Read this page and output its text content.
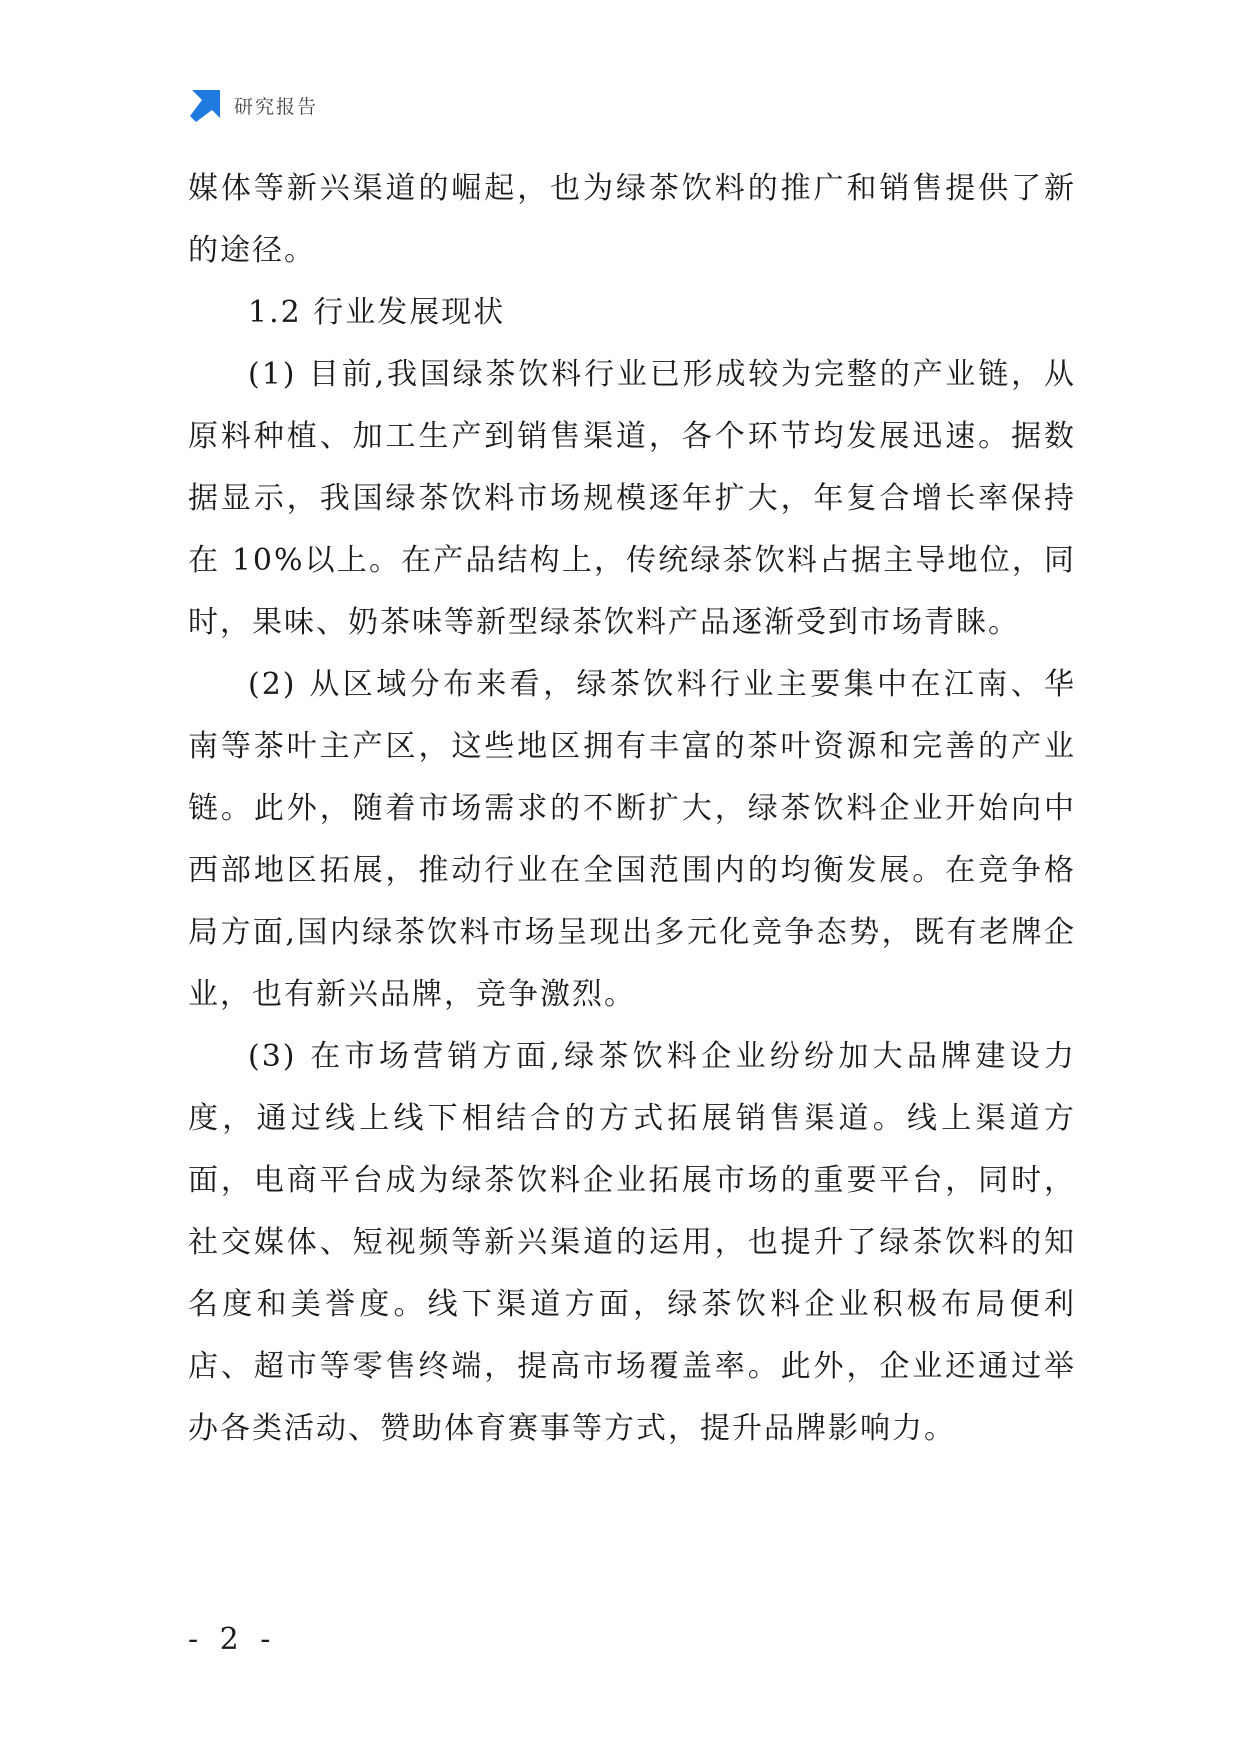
研究报告

媒体等新兴渠道的崛起，也为绿茶饮料的推广和销售提供了新的途径。

1.2 行业发展现状

(1) 目前,我国绿茶饮料行业已形成较为完整的产业链，从原料种植、加工生产到销售渠道，各个环节均发展迅速。据数据显示，我国绿茶饮料市场规模逐年扩大，年复合增长率保持在 10%以上。在产品结构上，传统绿茶饮料占据主导地位，同时，果味、奶茶味等新型绿茶饮料产品逐渐受到市场青睐。

(2) 从区域分布来看，绿茶饮料行业主要集中在江南、华南等茶叶主产区，这些地区拥有丰富的茶叶资源和完善的产业链。此外，随着市场需求的不断扩大，绿茶饮料企业开始向中西部地区拓展，推动行业在全国范围内的均衡发展。在竞争格局方面,国内绿茶饮料市场呈现出多元化竞争态势，既有老牌企业，也有新兴品牌，竞争激烈。

(3) 在市场营销方面,绿茶饮料企业纷纷加大品牌建设力度，通过线上线下相结合的方式拓展销售渠道。线上渠道方面，电商平台成为绿茶饮料企业拓展市场的重要平台，同时，社交媒体、短视频等新兴渠道的运用，也提升了绿茶饮料的知名度和美誉度。线下渠道方面，绿茶饮料企业积极布局便利店、超市等零售终端，提高市场覆盖率。此外，企业还通过举办各类活动、赞助体育赛事等方式，提升品牌影响力。

- 2 -
